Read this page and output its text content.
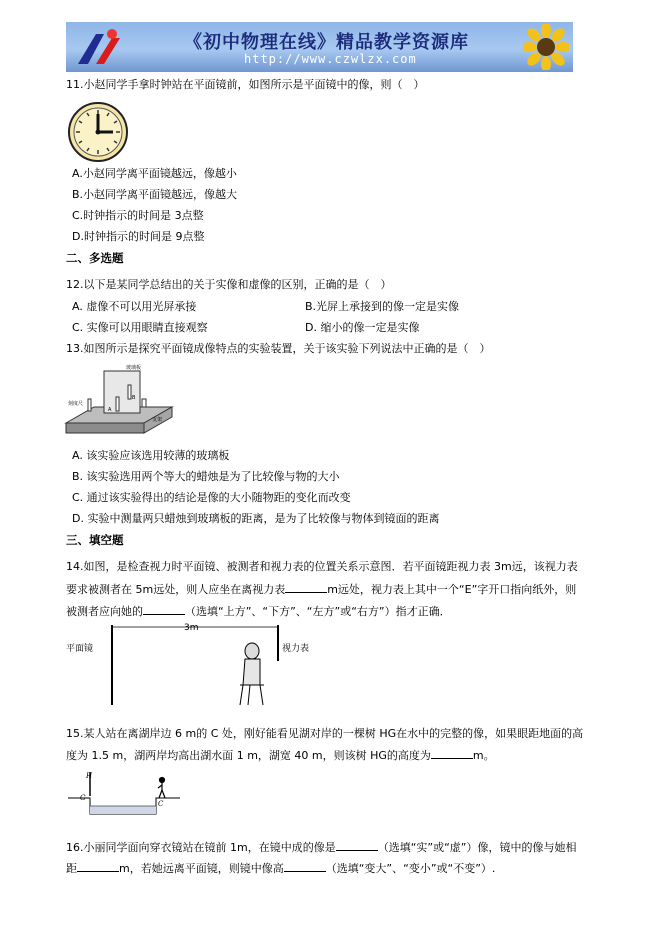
《初中物理在线》精品教学资源库
http://www.czwlzx.com
11.小赵同学手拿时钟站在平面镜前，如图所示是平面镜中的像，则（　）
A.小赵同学离平面镜越远，像越小
B.小赵同学离平面镜越远，像越大
C.时钟指示的时间是 3点整
D.时钟指示的时间是 9点整
二、多选题
12.以下是某同学总结出的关于实像和虚像的区别，正确的是（　）
A. 虚像不可以用光屏承接	B.光屏上承接到的像一定是实像
C. 实像可以用眼睛直接观察	D. 缩小的像一定是实像
13.如图所示是探究平面镜成像特点的实验装置，关于该实验下列说法中正确的是（　）
玻璃板
刻度尺
支架
A
B
A. 该实验应该选用较薄的玻璃板
B. 该实验选用两个等大的蜡烛是为了比较像与物的大小
C. 通过该实验得出的结论是像的大小随物距的变化而改变
D. 实验中测量两只蜡烛到玻璃板的距离，是为了比较像与物体到镜面的距离
三、填空题
14.如图，是检查视力时平面镜、被测者和视力表的位置关系示意图．若平面镜距视力表 3m远，该视力表
要求被测者在 5m远处，则人应坐在离视力表	m远处，视力表上其中一个“E”字开口指向纸外，则
被测者应向她的	（选填“上方”、“下方”、“左方”或“右方”）指才正确．
3m
平面镜	视力表
15.某人站在离湖岸边 6 m的 C 处，刚好能看见湖对岸的一棵树 HG在水中的完整的像，如果眼距地面的高
度为 1.5 m，湖两岸均高出湖水面 1 m，湖宽 40 m，则该树 HG的高度为	m。
H
G
C
16.小丽同学面向穿衣镜站在镜前 1m，在镜中成的像是	（选填“实”或“虚”）像，镜中的像与她相
距	m，若她远离平面镜，则镜中像高	（选填“变大”、“变小”或“不变”）.
